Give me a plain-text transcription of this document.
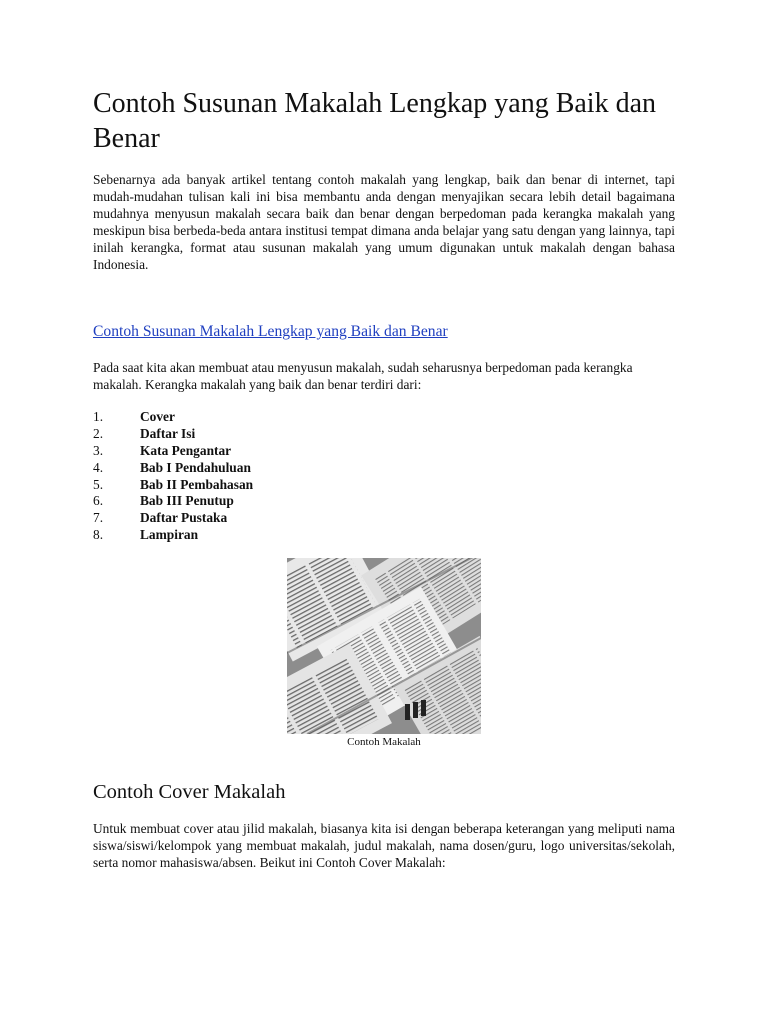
Contoh Susunan Makalah Lengkap yang Baik dan Benar

Sebenarnya ada banyak artikel tentang contoh makalah yang lengkap, baik dan benar di internet, tapi mudah-mudahan tulisan kali ini bisa membantu anda dengan menyajikan secara lebih detail bagaimana mudahnya menyusun makalah secara baik dan benar dengan berpedoman pada kerangka makalah yang meskipun bisa berbeda-beda antara institusi tempat dimana anda belajar yang satu dengan yang lainnya, tapi inilah kerangka, format atau susunan makalah yang umum digunakan untuk makalah dengan bahasa Indonesia.

Contoh Susunan Makalah Lengkap yang Baik dan Benar

Pada saat kita akan membuat atau menyusun makalah, sudah seharusnya berpedoman pada kerangka makalah. Kerangka makalah yang baik dan benar terdiri dari:

1.	Cover
2.	Daftar Isi
3.	Kata Pengantar
4.	Bab I Pendahuluan
5.	Bab II Pembahasan
6.	Bab III Penutup
7.	Daftar Pustaka
8.	Lampiran
Contoh Makalah
Contoh Cover Makalah

Untuk membuat cover atau jilid makalah, biasanya kita isi dengan beberapa keterangan yang meliputi nama siswa/siswi/kelompok yang membuat makalah, judul makalah, nama dosen/guru, logo universitas/sekolah, serta nomor mahasiswa/absen. Beikut ini Contoh Cover Makalah:
